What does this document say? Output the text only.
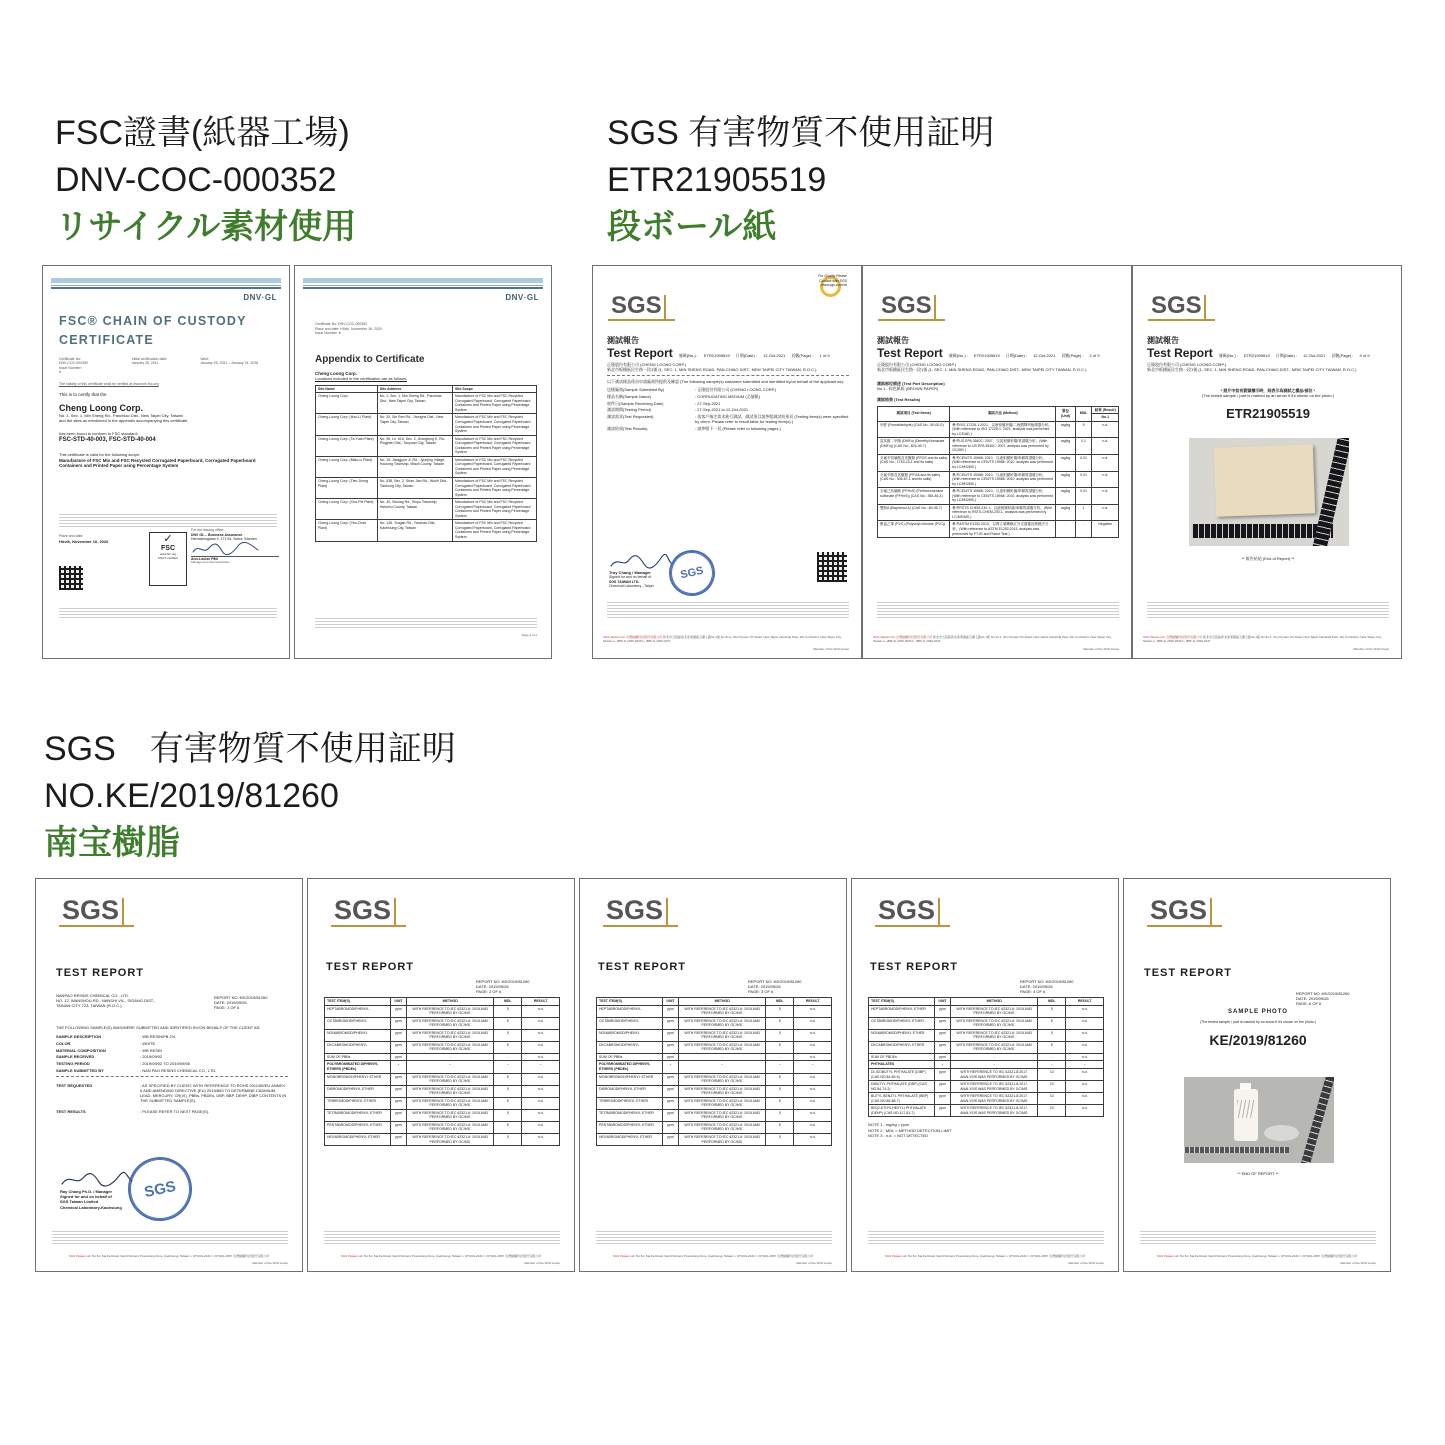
FSC證書(紙器工場)
DNV-COC-000352
リサイクル素材使用
SGS 有害物質不使用証明
ETR21905519
段ボール紙
SGS　有害物質不使用証明
NO.KE/2019/81260
南宝樹脂
DNV·GL
FSC® CHAIN OF CUSTODY
CERTIFICATE
Certificate No:
DNV-COC-000352
Issue Number:
6
Initial certification date:
January 25, 2011
Valid:
January 25, 2021 – January 24, 2026
The validity of this certificate shall be verified at www.info.fsc.org
This is to certify that the
Cheng Loong Corp.
No. 1, Sec. 1, Min Sheng Rd., Panchiao Dist., New Taipei City, Taiwan
and the sites as mentioned in the appendix accompanying this certificate
has been found to conform to FSC standard:
FSC-STD-40-003, FSC-STD-40-004
This certificate is valid for the following scope:
Manufacture of FSC Mix and FSC Recycled Corrugated Paperboard, Corrugated Paperboard Containers and Printed Paper using Percentage System
Place and date:
Hövik, November 16, 2020	✓
FSC
www.fsc.org
FSC® certified
For the issuing office:
DNV GL – Business Assurance
Hemvärnsgatan 9, 171 54, Solna, Sweden
Ann-Louise Pått
Management Representative
DNV·GL
Certificate No: DNV-COC-000352
Place and date: Hövik, November 16, 2020
Issue Number: 6
Appendix to Certificate
Cheng Loong Corp.
Locations included in the certification are as follows:
Site Name	Site Address	Site Scope
Cheng Loong Corp.	No. 1, Sec. 1, Min Sheng Rd., Panchiao Dist., New Taipei City, Taiwan	Manufacture of FSC Mix and FSC Recycled Corrugated Paperboard, Corrugated Paperboard Containers and Printed Paper using Percentage System
Cheng Loong Corp. (Hou-Li Plant)	No. 20, Sin Ren Rd., Jhonghe Dist., New Taipei City, Taiwan	Manufacture of FSC Mix and FSC Recycled Corrugated Paperboard, Corrugated Paperboard Containers and Printed Paper using Percentage System
Cheng Loong Corp. (Ta-Yuan Plant)	No. 96, Ln. 616, Sec. 2, Jhongfong E. Rd., Pingjhen Dist., Taoyuan City, Taiwan	Manufacture of FSC Mix and FSC Recycled Corrugated Paperboard, Corrugated Paperboard Containers and Printed Paper using Percentage System
Cheng Loong Corp. (Miao-Li Plant)	No. 15, Jiangjyun Jr. Rd., Jyunjing Village, Houlong Township, Miaoli County, Taiwan	Manufacture of FSC Mix and FSC Recycled Corrugated Paperboard, Corrugated Paperboard Containers and Printed Paper using Percentage System
Cheng Loong Corp. (Tien-Jhong Plant)	No. 538, Sec. 2, Shan Jiao Rd., Wurih Dist., Taichung City, Taiwan	Manufacture of FSC Mix and FSC Recycled Corrugated Paperboard, Corrugated Paperboard Containers and Printed Paper using Percentage System
Cheng Loong Corp. (Chu-Pei Plant)	No. 30, Sinsing Rd., Sinpu Township, Hsinchu County, Taiwan	Manufacture of FSC Mix and FSC Recycled Corrugated Paperboard, Corrugated Paperboard Containers and Printed Paper using Percentage System
Cheng Loong Corp. (Yan-Chao Plant)	No. 126, Tongan Rd., Yanchao Dist., Kaohsiung City, Taiwan	Manufacture of FSC Mix and FSC Recycled Corrugated Paperboard, Corrugated Paperboard Containers and Printed Paper using Percentage System
Page 2 of 2
For Quality Please
Contact with SGS
www.sgs.com.tw
SGS
測試報告
Test Report 號碼(No.) : ETR21905519 日期(Date) : 12-Oct-2021 頁數(Page) : 1 of 9
正隆股份有限公司 (CHENG LOONG CORP.)
新北市板橋區民生路一段1號 (1, SEC. 1, MIN SHENG ROAD, PAN-CHIAO DIST., NEW TAIPEI CITY TAIWAN, R.O.C.)
以下測試樣品係由申請廠商所提供及確認 (The following sample(s) was/were submitted and identified by/on behalf of the applicant as):
送樣廠商(Sample Submitted By)	: 正隆股份有限公司 (CHENG LOONG CORP.)
樣品名稱(Sample Name)	: CORRUGATING MEDIUM (芯層紙)
收件日(Sample Receiving Date)	: 27-Sep-2021
測試期間(Testing Period)	: 27-Sep-2021 to 12-Oct-2021
測試需求(Test Requested)	: 依客戶指定需求進行測試，測試項目請參閱測試結果頁 (Testing item(s) were specified by client. Please refer to result table for testing item(s).)
測試結果(Test Results)	: 請參閱下一頁 (Please refer to following pages.)
Troy Chang / Manager
Signed for and on behalf of
SGS TAIWAN LTD.
Chemical Laboratory - Taipei
SGS
SGS Taiwan Ltd. 台灣檢驗科技股份有限公司 新北市五股區新北產業園區五權七路31-1號 No.31-1, Wu Chyuan 7th Road, New Taipei Industrial Park, Wu Ku District, New Taipei City, Taiwan t+ (886-2) 2299-3939 f+ (886-2) 2299-3237
Member of the SGS Group
SGS
測試報告
Test Report 號碼(No.) : ETR21905519 日期(Date) : 12-Oct-2021 頁數(Page) : 2 of 9
正隆股份有限公司 (CHENG LOONG CORP.)
新北市板橋區民生路一段1號 (1, SEC. 1, MIN SHENG ROAD, PAN-CHIAO DIST., NEW TAIPEI CITY TAIWAN, R.O.C.)
測試部位描述 (Test Part Description)
No.1 : 棕色紙板 (BROWN PAPER)
測試結果 (Test Results)
測試項目 (Test Items)	測試方法 (Method)	單位 (Unit)	MDL	結果 (Result)
				No.1
甲醛 (Formaldehyde) (CAS No.: 50-00-0)	參考ISO 17226-1:2021，以液相層析儀/二極體陣列檢測器分析。(With reference to ISO 17226-1: 2021, analysis was performed by LC/DAD.)	mg/kg	5	n.d.
富馬酸二甲酯 (DMFu) (Dimethyl fumarate (DMFu)) (CAS No.: 624-49-7)	參考US EPA 3540C: 2007，以氣相層析儀/質譜儀分析。(With reference to US EPA 3540C: 2007, analysis was performed by GC/MS.)	mg/kg	0.1	n.d.
全氟辛烷磺酸及其鹽類 (PFOS and its salts) (CAS No.: 1763-23-1 and its salts)	參考CEN/TS 15968: 2010，以液相層析儀/串聯質譜儀分析。(With reference to CEN/TS 15968: 2010, analysis was performed by LC/MS/MS.)	mg/kg	0.01	n.d.
全氟辛酸及其鹽類 (PFOA and its salts) (CAS No.: 335-67-1 and its salts)	參考CEN/TS 15968: 2010，以液相層析儀/串聯質譜儀分析。(With reference to CEN/TS 15968: 2010, analysis was performed by LC/MS/MS.)	mg/kg	0.01	n.d.
全氟己烷磺酸 (PFHxS) (Perfluorohexane sulfonate (PFHxS)) (CAS No.: 355-46-4)	參考CEN/TS 15968: 2010，以液相層析儀/串聯質譜儀分析。(With reference to CEN/TS 15968: 2010, analysis was performed by LC/MS/MS.)	mg/kg	0.01	n.d.
雙酚A (Bisphenol A) (CAS No.: 80-05-7)	參考RSTS-CHEM-230-1，以液相層析儀/串聯質譜儀分析。(With reference to RSTS-CHEM-230-1, analysis was performed by LC/MS/MS.)	mg/kg	1	n.d.
聚氯乙烯 (PVC) (Polyvinyl chloride (PVC))	參考ASTM E1252:2013，以傅立葉轉換紅外光譜儀及燃燒法分析。(With reference to ASTM E1252:2013, analysis was performed by FT-IR and Flame Test.)	-	-	Negative
SGS Taiwan Ltd. 台灣檢驗科技股份有限公司 新北市五股區新北產業園區五權七路31-1號 No.31-1, Wu Chyuan 7th Road, New Taipei Industrial Park, Wu Ku District, New Taipei City, Taiwan t+ (886-2) 2299-3939 f+ (886-2) 2299-3237
Member of the SGS Group
SGS
測試報告
Test Report 號碼(No.) : ETR21905519 日期(Date) : 12-Oct-2021 頁數(Page) : 9 of 9
正隆股份有限公司 (CHENG LOONG CORP.)
新北市板橋區民生路一段1號 (1, SEC. 1, MIN SHENG ROAD, PAN-CHIAO DIST., NEW TAIPEI CITY TAIWAN, R.O.C.)
* 照片中如有箭頭標示時，則表示為測試之樣品/部位 *
(The tested sample / part is marked by an arrow if it's shown on the photo.)
ETR21905519
** 報告結尾 (End of Report) **
SGS Taiwan Ltd. 台灣檢驗科技股份有限公司 新北市五股區新北產業園區五權七路31-1號 No.31-1, Wu Chyuan 7th Road, New Taipei Industrial Park, Wu Ku District, New Taipei City, Taiwan t+ (886-2) 2299-3939 f+ (886-2) 2299-3237
Member of the SGS Group
SGS
TEST REPORT
NANPAO RESINS CHEMICAL CO., LTD.
NO. 12, WANSHOU RD., NANSHI VIL., SIGANG DIST.,
TAINAN CITY 723, TAIWAN (R.O.C.)
REPORT NO.:KE/2019/81260
DATE: 2019/09/26
PAGE: 1 OF 6
THE FOLLOWING SAMPLE(S) WAS/WERE SUBMITTED AND IDENTIFIED BY/ON BEHALF OF THE CLIENT AS:
SAMPLE DESCRIPTION	: WB RESIN/PB 2%
COLOR	: WHITE
MATERIAL COMPOSITION	: WB RESIN
SAMPLE RECEIVED	: 2019/09/02
TESTING PERIOD	: 2019/09/02 TO 2019/09/06
SAMPLE SUBMITTED BY	: NAN PAO RESINS CHEMICAL CO., LTD.
TEST REQUESTED	: AS SPECIFIED BY CLIENT, WITH REFERENCE TO ROHS 2011/65/EU ANNEX II AND AMENDING DIRECTIVE (EU) 2015/863 TO DETERMINE CADMIUM, LEAD, MERCURY, CR(VI), PBBs, PBDEs, DBP, BBP, DEHP, DIBP CONTENTS IN THE SUBMITTED SAMPLE(S).
TEST RESULTS	: PLEASE REFER TO NEXT PAGE(S).
Ray Chang Ph.D. / Manager
Signed for and on behalf of
SGS Taiwan Limited
Chemical Laboratory-Kaohsiung
SGS
SGS Taiwan Ltd. No.61, Kai-Fa Road, Nanzih Export Processing Zone, Kaohsiung, Taiwan t- (07)301-2121 f- (07)301-2867 台灣檢驗科技股份有限公司
Member of the SGS Group
SGS
TEST REPORT
REPORT NO.:KE/2019/81260
DATE: 2019/09/26
PAGE: 2 OF 6
TEST ITEM(S)	UNIT	METHOD	MDL	RESULT
HEPTABROMODIPHENYL	ppm	WITH REFERENCE TO IEC 62321-6: 2015 AND PERFORMED BY GC/MS.	5	n.d.
OCTABROMODIPHENYL	ppm	WITH REFERENCE TO IEC 62321-6: 2015 AND PERFORMED BY GC/MS.	5	n.d.
NONABROMODIPHENYL	ppm	WITH REFERENCE TO IEC 62321-6: 2015 AND PERFORMED BY GC/MS.	5	n.d.
DECABROMODIPHENYL	ppm	WITH REFERENCE TO IEC 62321-6: 2015 AND PERFORMED BY GC/MS.	5	n.d.
SUM OF PBBs	ppm	-	-	n.d.
POLYBROMINATED DIPHENYL ETHERS (PBDEs)	-	-	-	-
MONOBROMODIPHENYL ETHER	ppm	WITH REFERENCE TO IEC 62321-6: 2015 AND PERFORMED BY GC/MS.	5	n.d.
DIBROMODIPHENYL ETHER	ppm	WITH REFERENCE TO IEC 62321-6: 2015 AND PERFORMED BY GC/MS.	5	n.d.
TRIBROMODIPHENYL ETHER	ppm	WITH REFERENCE TO IEC 62321-6: 2015 AND PERFORMED BY GC/MS.	5	n.d.
TETRABROMODIPHENYL ETHER	ppm	WITH REFERENCE TO IEC 62321-6: 2015 AND PERFORMED BY GC/MS.	5	n.d.
PENTABROMODIPHENYL ETHER	ppm	WITH REFERENCE TO IEC 62321-6: 2015 AND PERFORMED BY GC/MS.	5	n.d.
HEXABROMODIPHENYL ETHER	ppm	WITH REFERENCE TO IEC 62321-6: 2015 AND PERFORMED BY GC/MS.	5	n.d.
SGS Taiwan Ltd. No.61, Kai-Fa Road, Nanzih Export Processing Zone, Kaohsiung, Taiwan t- (07)301-2121 f- (07)301-2867 台灣檢驗科技股份有限公司
Member of the SGS Group
SGS
TEST REPORT
REPORT NO.:KE/2019/81260
DATE: 2019/09/26
PAGE: 3 OF 6
TEST ITEM(S)	UNIT	METHOD	MDL	RESULT
HEPTABROMODIPHENYL	ppm	WITH REFERENCE TO IEC 62321-6: 2015 AND PERFORMED BY GC/MS.	5	n.d.
OCTABROMODIPHENYL	ppm	WITH REFERENCE TO IEC 62321-6: 2015 AND PERFORMED BY GC/MS.	5	n.d.
NONABROMODIPHENYL	ppm	WITH REFERENCE TO IEC 62321-6: 2015 AND PERFORMED BY GC/MS.	5	n.d.
DECABROMODIPHENYL	ppm	WITH REFERENCE TO IEC 62321-6: 2015 AND PERFORMED BY GC/MS.	5	n.d.
SUM OF PBBs	ppm	-	-	n.d.
POLYBROMINATED DIPHENYL ETHERS (PBDEs)	-	-	-	-
MONOBROMODIPHENYL ETHER	ppm	WITH REFERENCE TO IEC 62321-6: 2015 AND PERFORMED BY GC/MS.	5	n.d.
DIBROMODIPHENYL ETHER	ppm	WITH REFERENCE TO IEC 62321-6: 2015 AND PERFORMED BY GC/MS.	5	n.d.
TRIBROMODIPHENYL ETHER	ppm	WITH REFERENCE TO IEC 62321-6: 2015 AND PERFORMED BY GC/MS.	5	n.d.
TETRABROMODIPHENYL ETHER	ppm	WITH REFERENCE TO IEC 62321-6: 2015 AND PERFORMED BY GC/MS.	5	n.d.
PENTABROMODIPHENYL ETHER	ppm	WITH REFERENCE TO IEC 62321-6: 2015 AND PERFORMED BY GC/MS.	5	n.d.
HEXABROMODIPHENYL ETHER	ppm	WITH REFERENCE TO IEC 62321-6: 2015 AND PERFORMED BY GC/MS.	5	n.d.
SGS Taiwan Ltd. No.61, Kai-Fa Road, Nanzih Export Processing Zone, Kaohsiung, Taiwan t- (07)301-2121 f- (07)301-2867 台灣檢驗科技股份有限公司
Member of the SGS Group
SGS
TEST REPORT
REPORT NO.:KE/2019/81260
DATE: 2019/09/26
PAGE: 4 OF 6
TEST ITEM(S)	UNIT	METHOD	MDL	RESULT
HEPTABROMODIPHENYL ETHER	ppm	WITH REFERENCE TO IEC 62321-6: 2015 AND PERFORMED BY GC/MS.	5	n.d.
OCTABROMODIPHENYL ETHER	ppm	WITH REFERENCE TO IEC 62321-6: 2015 AND PERFORMED BY GC/MS.	5	n.d.
NONABROMODIPHENYL ETHER	ppm	WITH REFERENCE TO IEC 62321-6: 2015 AND PERFORMED BY GC/MS.	5	n.d.
DECABROMODIPHENYL ETHER	ppm	WITH REFERENCE TO IEC 62321-6: 2015 AND PERFORMED BY GC/MS.	5	n.d.
SUM OF PBDEs	ppm	-	-	n.d.
PHTHALATES	-	-	-	-
DI-ISOBUTYL PHTHALATE (DIBP) (CAS NO.84-69-5)	ppm	WITH REFERENCE TO IEC 62321-8:2017. ANALYSIS WAS PERFORMED BY GC/MS.	10	n.d.
DIBUTYL PHTHALATE (DBP) (CAS NO.84-74-2)	ppm	WITH REFERENCE TO IEC 62321-8:2017. ANALYSIS WAS PERFORMED BY GC/MS.	10	n.d.
BUTYL BENZYL PHTHALATE (BBP) (CAS NO.85-68-7)	ppm	WITH REFERENCE TO IEC 62321-8:2017. ANALYSIS WAS PERFORMED BY GC/MS.	10	n.d.
BIS(2-ETHYLHEXYL) PHTHALATE (DEHP) (CAS NO.117-81-7)	ppm	WITH REFERENCE TO IEC 62321-8:2017. ANALYSIS WAS PERFORMED BY GC/MS.	10	n.d.
NOTE 1 : mg/kg = ppm
NOTE 2 : MDL = METHOD DETECTION LIMIT
NOTE 3 : n.d. = NOT DETECTED
SGS Taiwan Ltd. No.61, Kai-Fa Road, Nanzih Export Processing Zone, Kaohsiung, Taiwan t- (07)301-2121 f- (07)301-2867 台灣檢驗科技股份有限公司
Member of the SGS Group
SGS
TEST REPORT
REPORT NO.:KE/2019/81260
DATE: 2019/09/26
PAGE: 6 OF 6
SAMPLE PHOTO
(The tested sample / part is marked by an arrow if it's shown on the photo.)
KE/2019/81260
** END OF REPORT **
SGS Taiwan Ltd. No.61, Kai-Fa Road, Nanzih Export Processing Zone, Kaohsiung, Taiwan t- (07)301-2121 f- (07)301-2867 台灣檢驗科技股份有限公司
Member of the SGS Group
